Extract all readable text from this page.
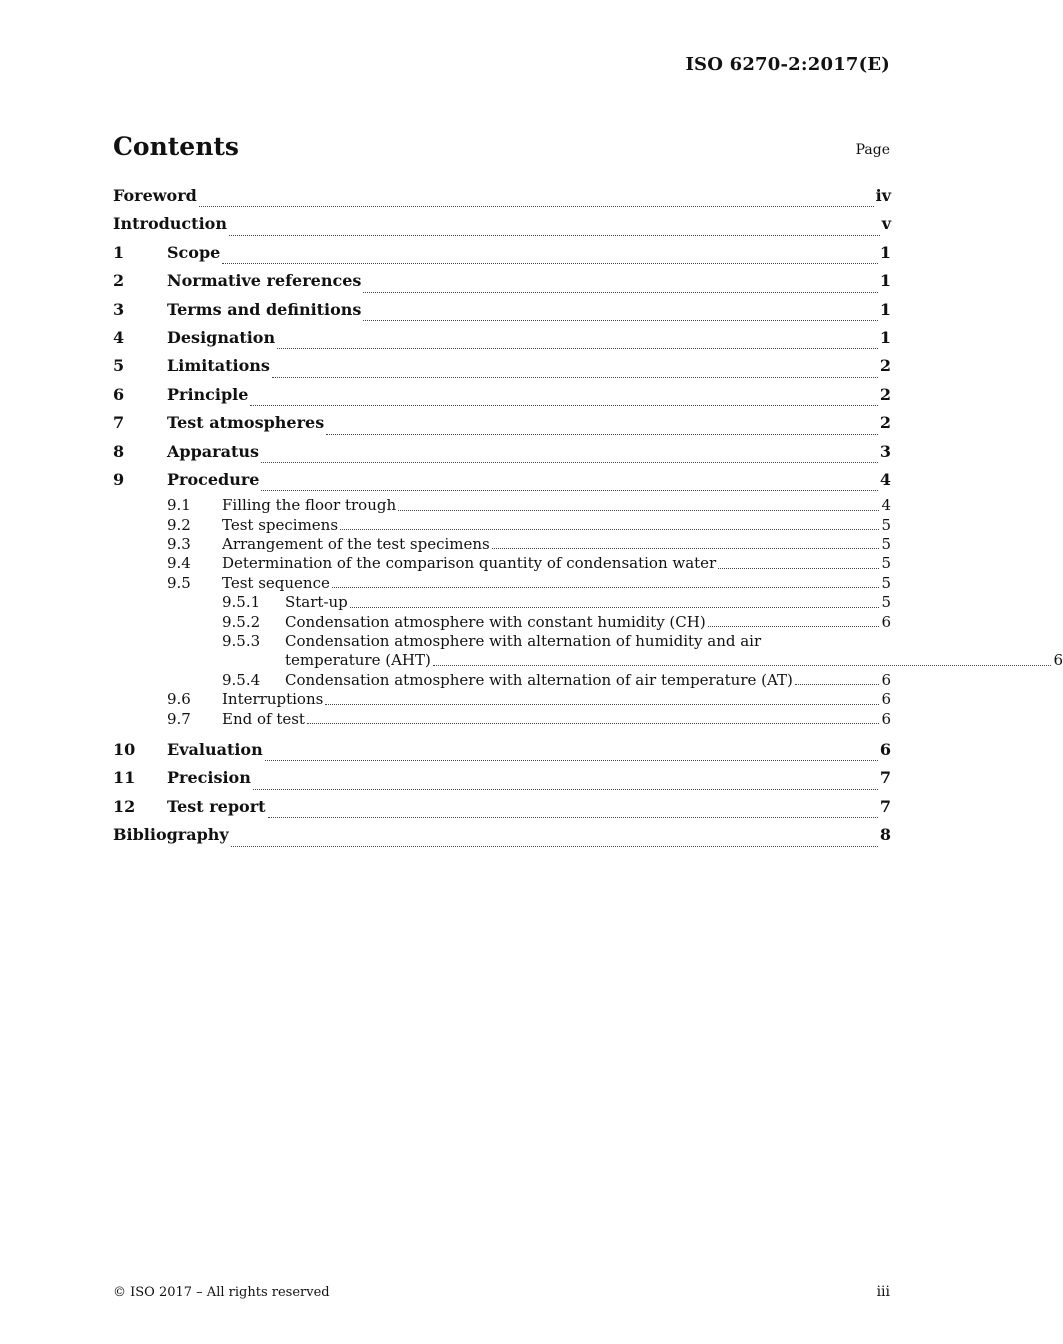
ISO 6270-2:2017(E)
Contents	Page
Foreword	iv
Introduction	v
1	Scope	1
2	Normative references	1
3	Terms and definitions	1
4	Designation	1
5	Limitations	2
6	Principle	2
7	Test atmospheres	2
8	Apparatus	3
9	Procedure	4
9.1	Filling the floor trough	4
9.2	Test specimens	5
9.3	Arrangement of the test specimens	5
9.4	Determination of the comparison quantity of condensation water	5
9.5	Test sequence	5
9.5.1	Start-up	5
9.5.2	Condensation atmosphere with constant humidity (CH)	6
9.5.3	Condensation atmosphere with alternation of humidity and air
temperature (AHT)	6
9.5.4	Condensation atmosphere with alternation of air temperature (AT)	6
9.6	Interruptions	6
9.7	End of test	6
10	Evaluation	6
11	Precision	7
12	Test report	7
Bibliography	8
© ISO 2017 – All rights reserved	iii
